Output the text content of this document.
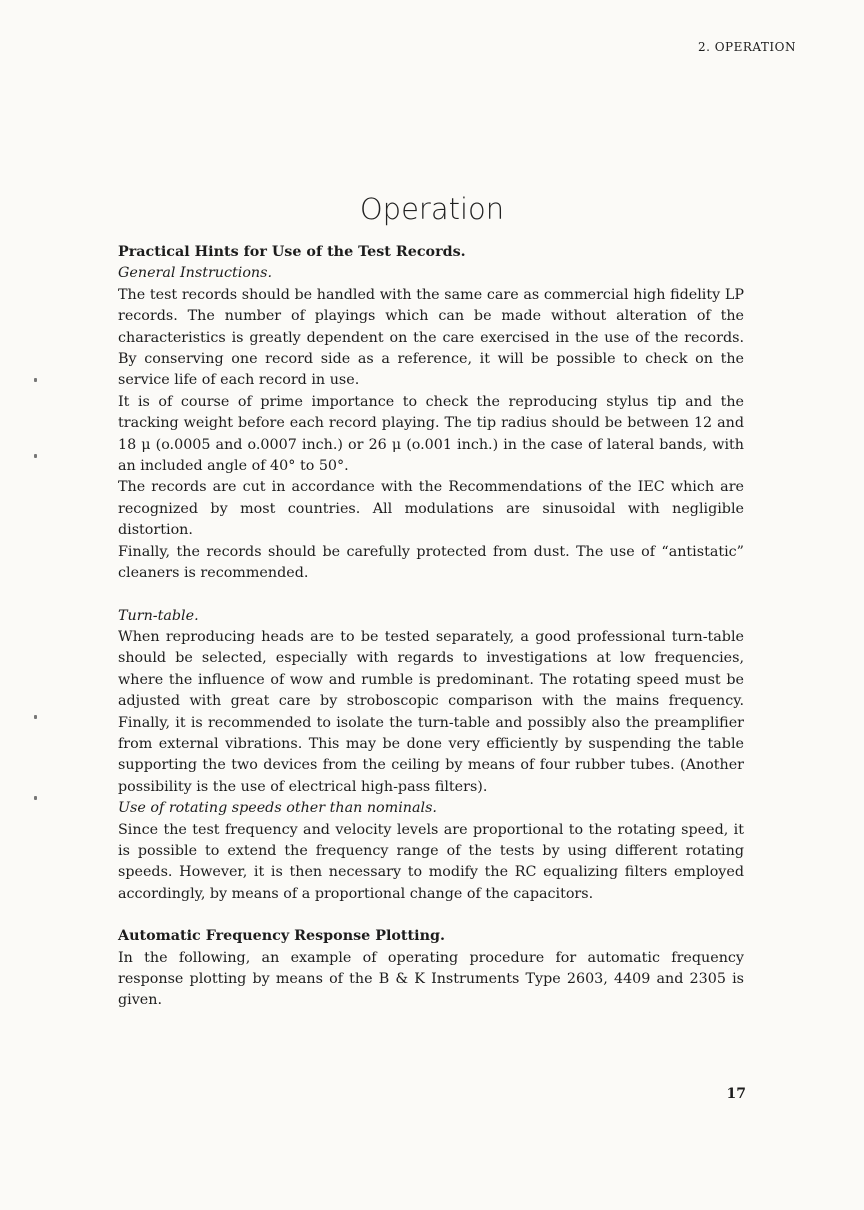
2. OPERATION
Operation

Practical Hints for Use of the Test Records.

General Instructions.

The test records should be handled with the same care as commercial high fidelity LP records. The number of playings which can be made without alteration of the characteristics is greatly dependent on the care exercised in the use of the records. By conserving one record side as a reference, it will be possible to check on the service life of each record in use.

It is of course of prime importance to check the reproducing stylus tip and the tracking weight before each record playing. The tip radius should be between 12 and 18 μ (o.0005 and o.0007 inch.) or 26 μ (o.001 inch.) in the case of lateral bands, with an included angle of 40° to 50°.

The records are cut in accordance with the Recommendations of the IEC which are recognized by most countries. All modulations are sinusoidal with negligible distortion.

Finally, the records should be carefully protected from dust. The use of “antistatic” cleaners is recommended.

Turn-table.

When reproducing heads are to be tested separately, a good professional turn-table should be selected, especially with regards to investigations at low frequencies, where the influence of wow and rumble is predominant. The rotating speed must be adjusted with great care by stroboscopic comparison with the mains frequency. Finally, it is recommended to isolate the turn-table and possibly also the preamplifier from external vibrations. This may be done very efficiently by suspending the table supporting the two devices from the ceiling by means of four rubber tubes. (Another possibility is the use of electrical high-pass filters).

Use of rotating speeds other than nominals.

Since the test frequency and velocity levels are proportional to the rotating speed, it is possible to extend the frequency range of the tests by using different rotating speeds. However, it is then necessary to modify the RC equalizing filters employed accordingly, by means of a proportional change of the capacitors.

Automatic Frequency Response Plotting.

In the following, an example of operating procedure for automatic frequency response plotting by means of the B & K Instruments Type 2603, 4409 and 2305 is given.

17
